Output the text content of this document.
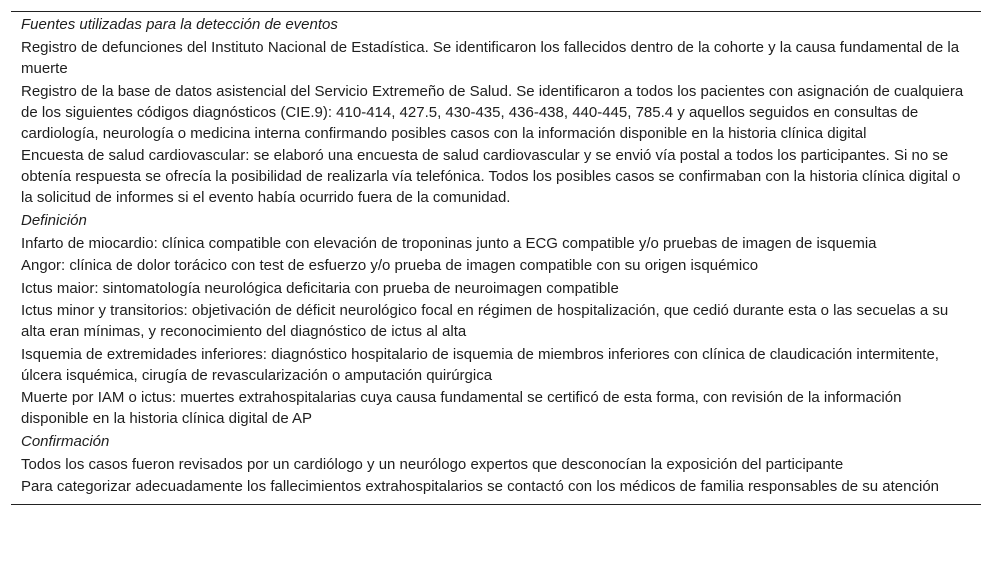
Fuentes utilizadas para la detección de eventos
Registro de defunciones del Instituto Nacional de Estadística. Se identificaron los fallecidos dentro de la cohorte y la causa fundamental de la muerte
Registro de la base de datos asistencial del Servicio Extremeño de Salud. Se identificaron a todos los pacientes con asignación de cualquiera de los siguientes códigos diagnósticos (CIE.9): 410-414, 427.5, 430-435, 436-438, 440-445, 785.4 y aquellos seguidos en consultas de cardiología, neurología o medicina interna confirmando posibles casos con la información disponible en la historia clínica digital
Encuesta de salud cardiovascular: se elaboró una encuesta de salud cardiovascular y se envió vía postal a todos los participantes. Si no se obtenía respuesta se ofrecía la posibilidad de realizarla vía telefónica. Todos los posibles casos se confirmaban con la historia clínica digital o la solicitud de informes si el evento había ocurrido fuera de la comunidad.
Definición
Infarto de miocardio: clínica compatible con elevación de troponinas junto a ECG compatible y/o pruebas de imagen de isquemia
Angor: clínica de dolor torácico con test de esfuerzo y/o prueba de imagen compatible con su origen isquémico
Ictus maior: sintomatología neurológica deficitaria con prueba de neuroimagen compatible
Ictus minor y transitorios: objetivación de déficit neurológico focal en régimen de hospitalización, que cedió durante esta o las secuelas a su alta eran mínimas, y reconocimiento del diagnóstico de ictus al alta
Isquemia de extremidades inferiores: diagnóstico hospitalario de isquemia de miembros inferiores con clínica de claudicación intermitente, úlcera isquémica, cirugía de revascularización o amputación quirúrgica
Muerte por IAM o ictus: muertes extrahospitalarias cuya causa fundamental se certificó de esta forma, con revisión de la información disponible en la historia clínica digital de AP
Confirmación
Todos los casos fueron revisados por un cardiólogo y un neurólogo expertos que desconocían la exposición del participante
Para categorizar adecuadamente los fallecimientos extrahospitalarios se contactó con los médicos de familia responsables de su atención
